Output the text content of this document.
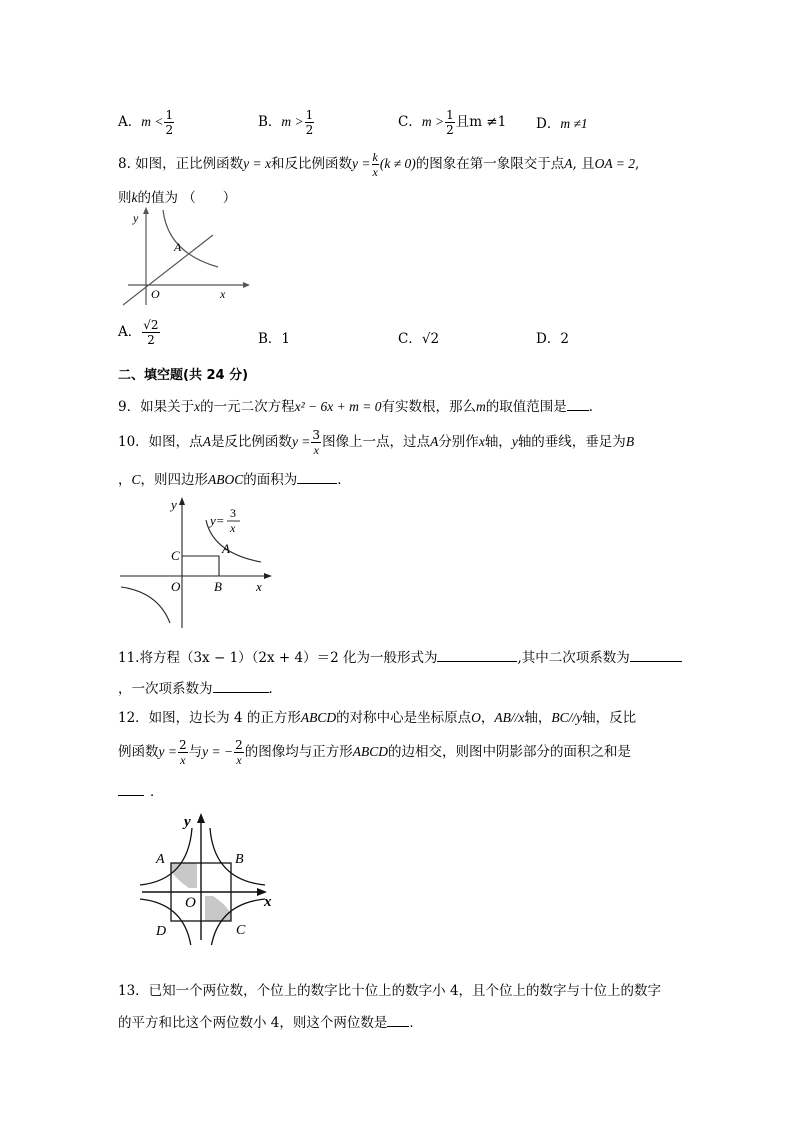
A．$m < \frac{1}{2}$	B．$m > \frac{1}{2}$	C．$m > \frac{1}{2}$ 且m ≠1 D．m ≠1
8. 如图，正比例函数y = x和反比例函数$y = \frac{k}{x} (k \ne 0)$的图象在第一象限交于点A, 且OA = 2,
则k的值为 （　　）
y
x
O
A
A． $\frac{√2}{2}$	B．1	C．√2	D．2
二、填空题(共 24 分)
9．如果关于x的一元二次方程x² − 6x + m = 0有实数根，那么m的取值范围是 ．
10．如图，点A是反比例函数$y = \frac{3}{x}$ 图像上一点，过点A分别作x轴，y轴的垂线，垂足为B
，C，则四边形ABOC的面积为	．
y
x
O	B
C	A
y= 3
x
11.将方程（3x − 1）（2x + 4）＝2 化为一般形式为	,其中二次项系数为
，一次项系数为	．
12．如图，边长为 4 的正方形ABCD的对称中心是坐标原点O，AB//x轴，BC//y轴，反比
例函数$y = \frac{2}{x}$ 与y = − $\frac{2}{x}$ 的图像均与正方形ABCD的边相交，则图中阴影部分的面积之和是
．
y
x
O
A	B
C
D
13．已知一个两位数，个位上的数字比十位上的数字小 4，且个位上的数字与十位上的数字
的平方和比这个两位数小 4，则这个两位数是 ．
